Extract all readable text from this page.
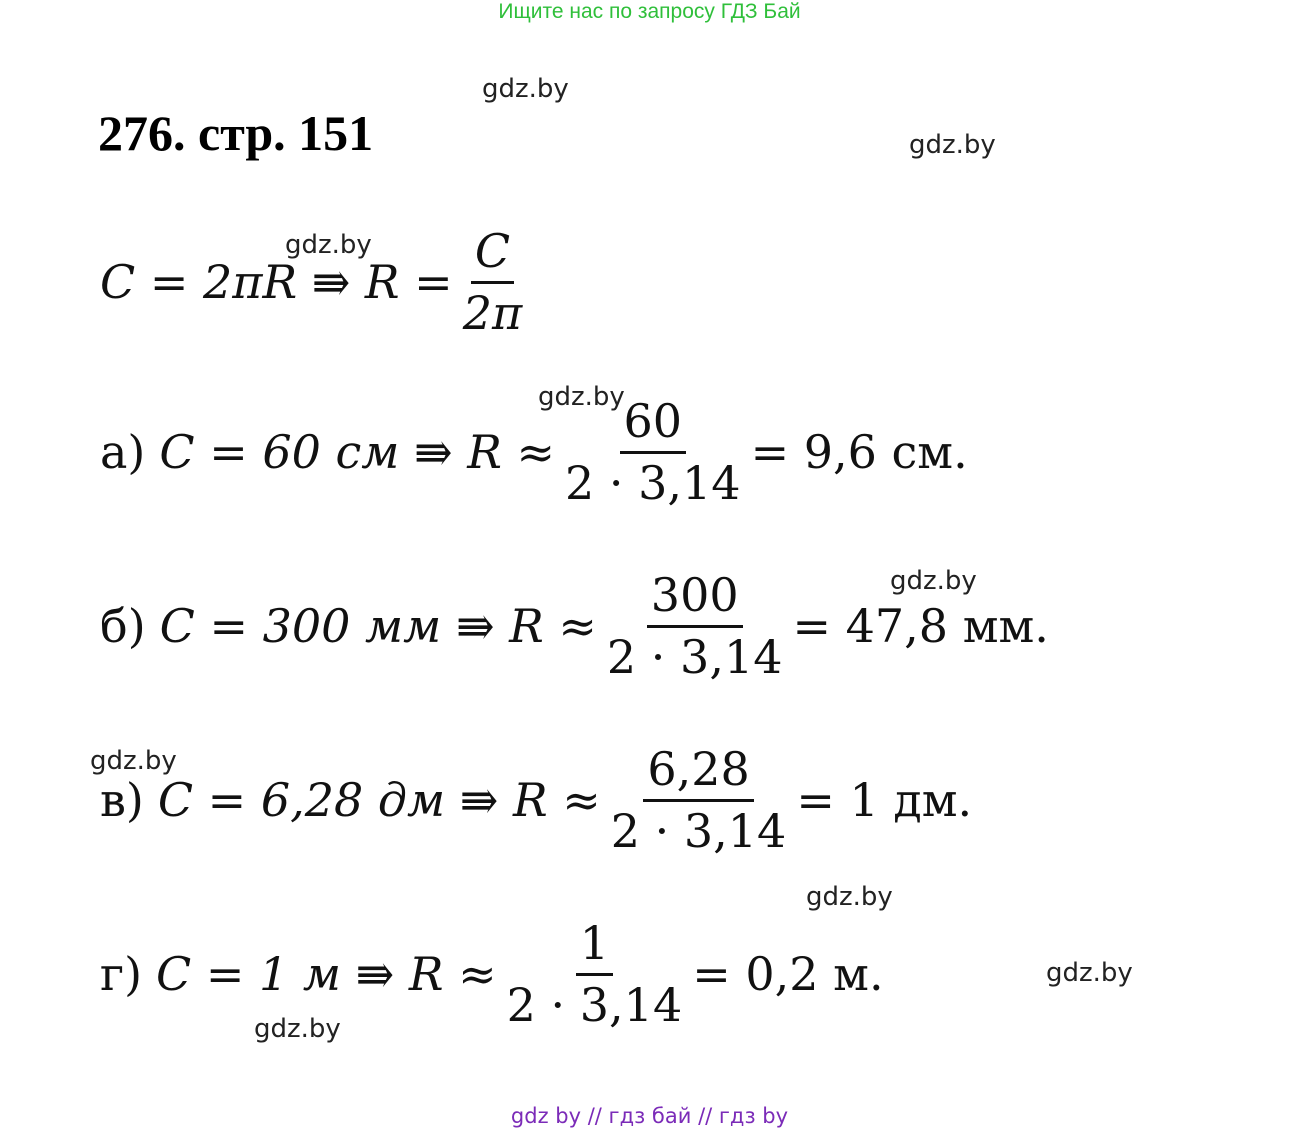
Ищите нас по запросу ГДЗ Бай
276. стр. 151
gdz.by
gdz.by
gdz.by
gdz.by
gdz.by
gdz.by
gdz.by
gdz.by
gdz.by
C = 2πR ⇛ $R = \frac{C}{2\pi}$
а) C = 60 см ⇛ $R \approx \frac{60}{2 \cdot 3,14} = 9,6$ см.
б) C = 300 мм ⇛ $R \approx \frac{300}{2 \cdot 3,14} = 47,8$ мм.
в) C = 6,28 дм ⇛ $R \approx \frac{6,28}{2 \cdot 3,14} = 1$ дм.
г) C = 1 м ⇛ $R \approx \frac{1}{2 \cdot 3,14} = 0,2$ м.
gdz by // гдз бай // гдз by
